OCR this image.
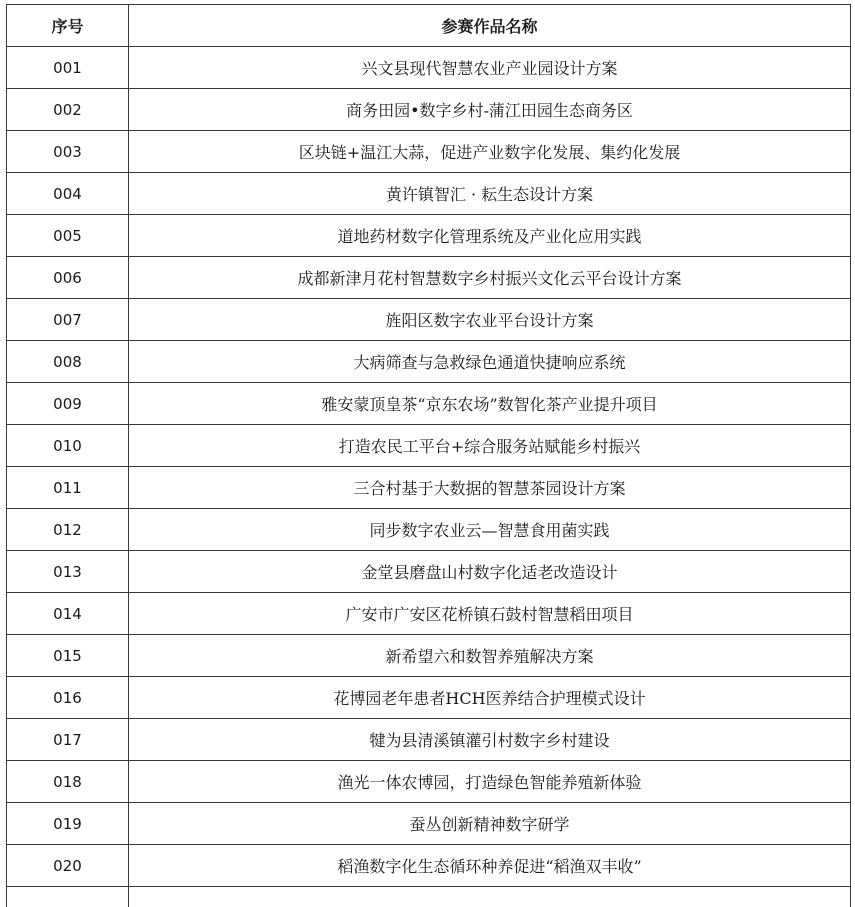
序号	参赛作品名称
001	兴文县现代智慧农业产业园设计方案
002	商务田园•数字乡村-蒲江田园生态商务区
003	区块链+温江大蒜，促进产业数字化发展、集约化发展
004	黄许镇智汇 · 耘生态设计方案
005	道地药材数字化管理系统及产业化应用实践
006	成都新津月花村智慧数字乡村振兴文化云平台设计方案
007	旌阳区数字农业平台设计方案
008	大病筛查与急救绿色通道快捷响应系统
009	雅安蒙顶皇茶“京东农场”数智化茶产业提升项目
010	打造农民工平台+综合服务站赋能乡村振兴
011	三合村基于大数据的智慧茶园设计方案
012	同步数字农业云—智慧食用菌实践
013	金堂县磨盘山村数字化适老改造设计
014	广安市广安区花桥镇石鼓村智慧稻田项目
015	新希望六和数智养殖解决方案
016	花博园老年患者HCH医养结合护理模式设计
017	犍为县清溪镇灌引村数字乡村建设
018	渔光一体农博园，打造绿色智能养殖新体验
019	蚕丛创新精神数字研学
020	稻渔数字化生态循环种养促进“稻渔双丰收”
